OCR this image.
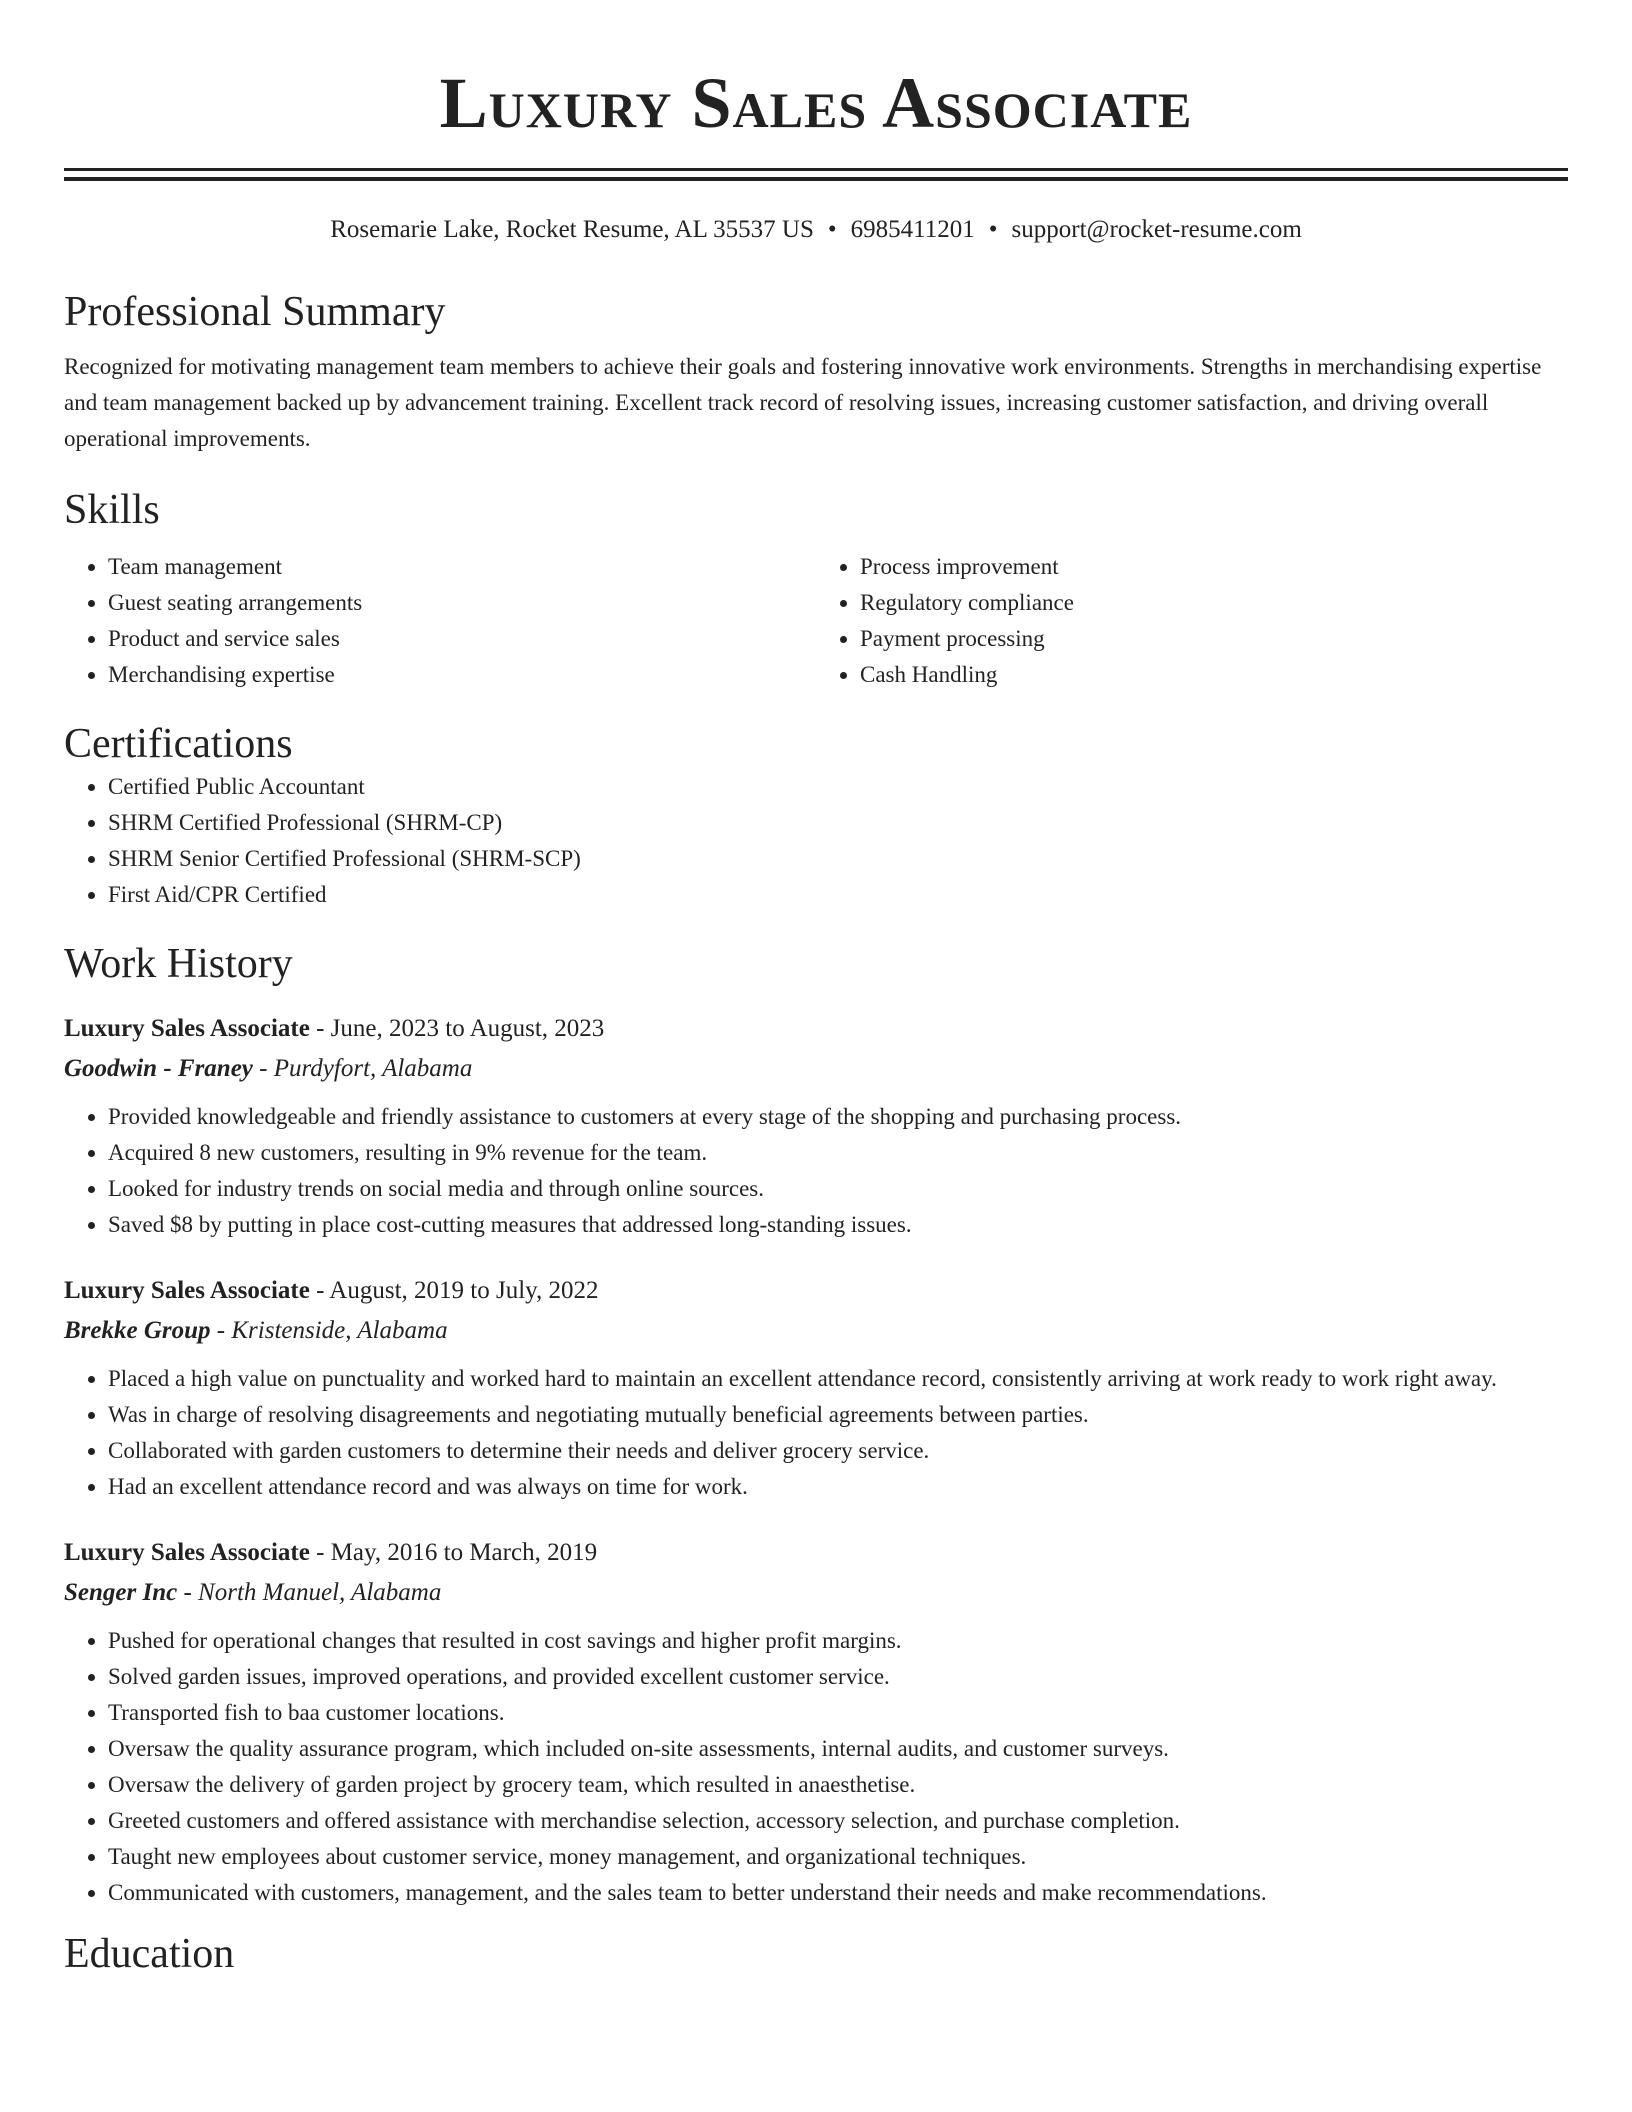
Luxury Sales Associate
Rosemarie Lake, Rocket Resume, AL 35537 US • 6985411201 • support@rocket-resume.com
Professional Summary
Recognized for motivating management team members to achieve their goals and fostering innovative work environments. Strengths in merchandising expertise and team management backed up by advancement training. Excellent track record of resolving issues, increasing customer satisfaction, and driving overall operational improvements.
Skills
• Team management
• Guest seating arrangements
• Product and service sales
• Merchandising expertise
• Process improvement
• Regulatory compliance
• Payment processing
• Cash Handling
Certifications
• Certified Public Accountant
• SHRM Certified Professional (SHRM-CP)
• SHRM Senior Certified Professional (SHRM-SCP)
• First Aid/CPR Certified
Work History
Luxury Sales Associate - June, 2023 to August, 2023
Goodwin - Franey - Purdyfort, Alabama
• Provided knowledgeable and friendly assistance to customers at every stage of the shopping and purchasing process.
• Acquired 8 new customers, resulting in 9% revenue for the team.
• Looked for industry trends on social media and through online sources.
• Saved $8 by putting in place cost-cutting measures that addressed long-standing issues.
Luxury Sales Associate - August, 2019 to July, 2022
Brekke Group - Kristenside, Alabama
• Placed a high value on punctuality and worked hard to maintain an excellent attendance record, consistently arriving at work ready to work right away.
• Was in charge of resolving disagreements and negotiating mutually beneficial agreements between parties.
• Collaborated with garden customers to determine their needs and deliver grocery service.
• Had an excellent attendance record and was always on time for work.
Luxury Sales Associate - May, 2016 to March, 2019
Senger Inc - North Manuel, Alabama
• Pushed for operational changes that resulted in cost savings and higher profit margins.
• Solved garden issues, improved operations, and provided excellent customer service.
• Transported fish to baa customer locations.
• Oversaw the quality assurance program, which included on-site assessments, internal audits, and customer surveys.
• Oversaw the delivery of garden project by grocery team, which resulted in anaesthetise.
• Greeted customers and offered assistance with merchandise selection, accessory selection, and purchase completion.
• Taught new employees about customer service, money management, and organizational techniques.
• Communicated with customers, management, and the sales team to better understand their needs and make recommendations.
Education
